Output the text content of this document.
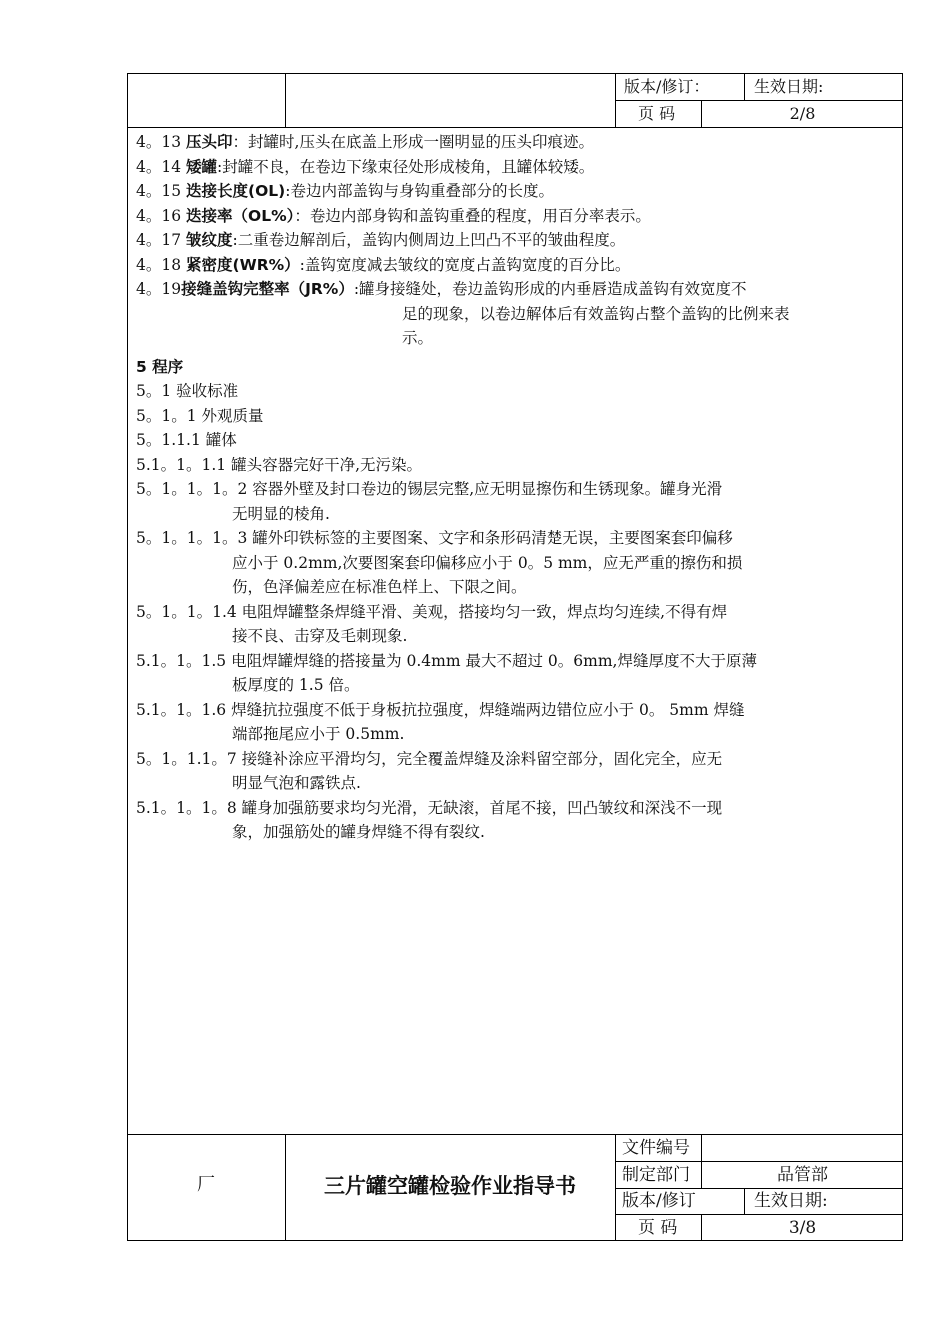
版本/修订：	生效日期:
页 码	2/8
4。13 压头印：封罐时,压头在底盖上形成一圈明显的压头印痕迹。
4。14 矮罐:封罐不良，在卷边下缘束径处形成棱角，且罐体较矮。
4。15 迭接长度(OL):卷边内部盖钩与身钩重叠部分的长度。
4。16 迭接率（OL%）：卷边内部身钩和盖钩重叠的程度，用百分率表示。
4。17 皱纹度:二重卷边解剖后，盖钩内侧周边上凹凸不平的皱曲程度。
4。18 紧密度(WR%）:盖钩宽度减去皱纹的宽度占盖钩宽度的百分比。
4。19接缝盖钩完整率（JR%）:罐身接缝处，卷边盖钩形成的内垂唇造成盖钩有效宽度不
足的现象，以卷边解体后有效盖钩占整个盖钩的比例来表
示。
5 程序
5。1 验收标准
5。1。1 外观质量
5。1.1.1 罐体
5.1。1。1.1 罐头容器完好干净,无污染。
5。1。1。1。2 容器外壁及封口卷边的锡层完整,应无明显擦伤和生锈现象。罐身光滑
无明显的棱角.
5。1。1。1。3 罐外印铁标签的主要图案、文字和条形码清楚无误，主要图案套印偏移
应小于 0.2mm,次要图案套印偏移应小于 0。5 mm，应无严重的擦伤和损
伤，色泽偏差应在标准色样上、下限之间。
5。1。1。1.4 电阻焊罐整条焊缝平滑、美观，搭接均匀一致，焊点均匀连续,不得有焊
接不良、击穿及毛刺现象.
5.1。1。1.5 电阻焊罐焊缝的搭接量为 0.4mm 最大不超过 0。6mm,焊缝厚度不大于原薄
板厚度的 1.5 倍。
5.1。1。1.6 焊缝抗拉强度不低于身板抗拉强度，焊缝端两边错位应小于 0。 5mm 焊缝
端部拖尾应小于 0.5mm.
5。1。1.1。7 接缝补涂应平滑均匀，完全覆盖焊缝及涂料留空部分，固化完全，应无
明显气泡和露铁点.
5.1。1。1。8 罐身加强筋要求均匀光滑，无缺滚，首尾不接，凹凸皱纹和深浅不一现
象，加强筋处的罐身焊缝不得有裂纹.
厂	三片罐空罐检验作业指导书
文件编号
制定部门	品管部
版本/修订	生效日期:
页 码	3/8
